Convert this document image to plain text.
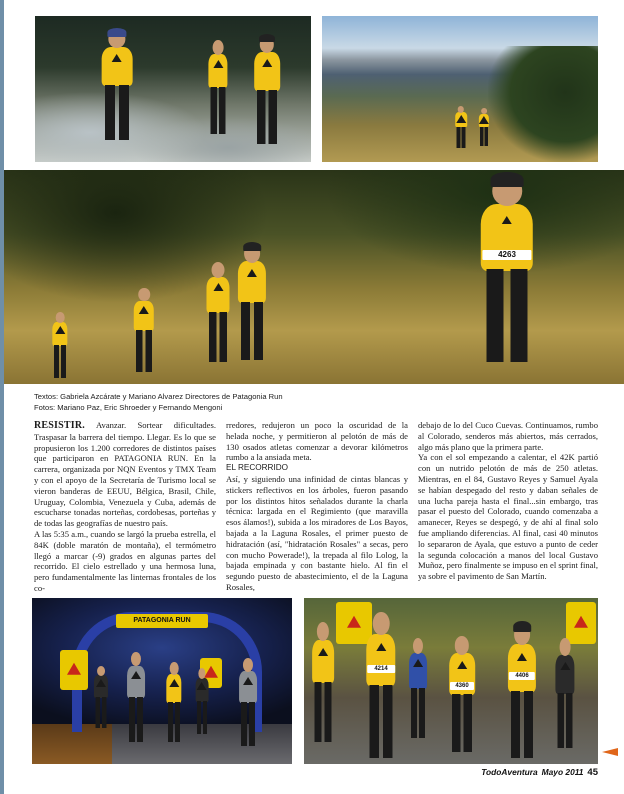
4263
Textos: Gabriela Azcárate y Mariano Alvarez Directores de Patagonia Run
Fotos: Mariano Paz, Eric Shroeder y Fernando Mengoni

RESISTIR. Avanzar. Sortear dificultades. Traspasar la barrera del tiempo. Llegar. Es lo que se propusieron los 1.200 corredores de distintos países que participaron en PATAGONIA RUN. En la carrera, organizada por NQN Eventos y TMX Team y con el apoyo de la Secretaría de Turismo local se vieron banderas de EEUU, Bélgica, Brasil, Chile, Uruguay, Colombia, Venezuela y Cuba, además de escucharse tonadas norteñas, cordobesas, porteñas y de todas las geografías de nuestro país.

A las 5:35 a.m., cuando se largó la prueba estrella, el 84K (doble maratón de montaña), el termómetro llegó a marcar (-9) grados en algunas partes del recorrido. El cielo estrellado y una hermosa luna, pero fundamentalmente las linternas frontales de los co-

rredores, redujeron un poco la oscuridad de la helada noche, y permitieron al pelotón de más de 130 osados atletas comenzar a devorar kilómetros rumbo a la ansiada meta.

EL RECORRIDO

Así, y siguiendo una infinidad de cintas blancas y stickers reflectivos en los árboles, fueron pasando por los distintos hitos señalados durante la charla técnica: largada en el Regimiento (que maravilla esos álamos!), subida a los miradores de Los Bayos, bajada a la Laguna Rosales, el primer puesto de hidratación (así, "hidratación Rosales" a secas, pero con mucho Powerade!), la trepada al filo Lolog, la bajada empinada y con bastante hielo. Al fin el segundo puesto de abastecimiento, el de la Laguna Rosales,

debajo de lo del Cuco Cuevas. Continuamos, rumbo al Colorado, senderos más abiertos, más cerrados, algo más plano que la primera parte.

Ya con el sol empezando a calentar, el 42K partió con un nutrido pelotón de más de 250 atletas. Mientras, en el 84, Gustavo Reyes y Samuel Ayala se habían despegado del resto y daban señales de una lucha pareja hasta el final...sin embargo, tras pasar el puesto del Colorado, cuando comenzaba a amanecer, Reyes se despegó, y de ahí al final solo fue ampliando diferencias. Al final, casi 40 minutos lo separaron de Ayala, que estuvo a punto de ceder la segunda colocación a manos del local Gustavo Muñoz, pero finalmente se impuso en el sprint final, ya sobre el pavimento de San Martín.

PATAGONIA RUN
4214
4360
4406
TodoAventura Mayo 2011 45
